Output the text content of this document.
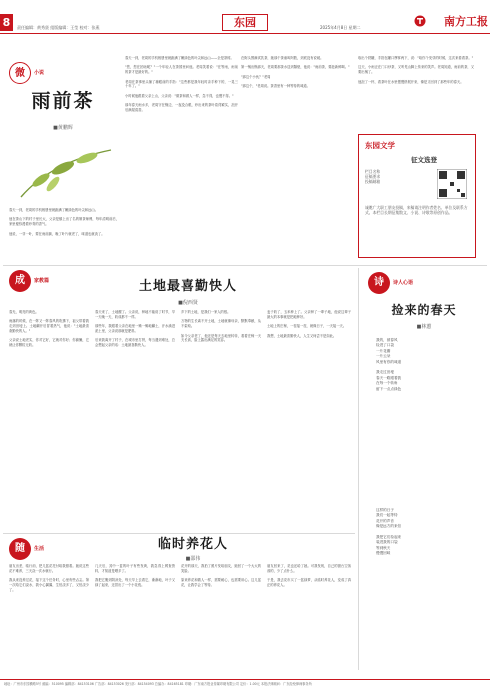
8	责任编辑：黄秀贤 组版编辑：王莹 校对：张燕	东园	2025年4月8日 星期二	南方工报
微	小说
雨前茶
■黄鹏辉
春天一到，老周的手机相册里就跑满了嫩绿色的叶尖和远山。

他在茶山下的村子里长大，父亲是镇上出了名的制茶师傅，每年清明前后，家里便弥漫着炒青的香气。

他说，一芽一叶，要在雨前摘，晚了叶片就老了，味道也就淡了。
春天一到，老周的手机相册里就跑满了嫩绿色的叶尖和远山——全是茶树。

"您，您在拍啥呢？"一个年轻人在茶园里问他。老周笑着说："在等雨，雨前的茶才是最好的。"

老周在茶事里头撞了撞眼前的手指："这些都是我年轻时亲手种下的，一晃三十年了。"

小时候他跟着父亲上山，父亲说："做茶和做人一样，急不得，也慢不得。"

那年春天雨水多，老周守在锅边，一夜没合眼，炒出来的茶叶卷得紧实，泡开后满屋清香。
在街头围满试饮茶，她那个茶童叫阿胜，到底没有说破。

第一锅出锅那天，老周要那茶水送到隔壁，他说："雨前茶，要趁新鲜喝。"

"那这个小伙？"老周

"那这个，"老周说。茶香里有一种等待的味道。
取出个铁罐，手指在罐口摩挲两下，说："给你个发芽的时候，这次来看看茶。"

这天，小雨正在门口炒茶，又听见山脚上传来的笑声。老周知道，雨前的茶，又要出锅了。

他泡了一杯，看茶叶在水里慢慢舒展开来，像是又回到了那些年的春天。
东园文学
征文选登
栏目名称
征稿要求
投稿邮箱
诚邀广大职工朋友投稿，来稿请注明作者姓名、单位及联系方式。本栏目长期征集散文、小说、诗歌等原创作品。
成	家教篇	土地最喜勤快人
■倪西贤
春光，明亮的黄色。

雨落的时候，在一阵又一阵春风的吹拂下，祖父带着我走到田埂上。土地翻开后冒着热气，他说："土地最喜欢勤快的人。"

父亲说土地老实，你对它好，它就对你好；你偷懒，它就让你颗粒无收。
春天来了，土地醒了。父亲说，种地不能误了时节，早一天晚一天，收成都不一样。

那些年，我跟着父亲在地里一锄一锄地翻土，汗水滴进泥土里，父亲说那就是肥料。

后来我离开了村子，在城市里打拼，每当遇到难处，总会想起父亲的话：土地最喜勤快人。
乡下的土地，是我们一家人的根。

万物的生长离不开土地，土地就像母亲，默默奉献，从不索取。

如今父亲老了，他还是每天去地里转转，看着庄稼一天天长高，脸上露出满足的笑容。
麦子收了，玉米种上了。父亲种了一辈子地，他说这辈子最大的本事就是把地种好。

土地上的庄稼，一茬接一茬，就像日子，一天接一天。

我想，土地最喜勤快人，人生又何尝不是如此。
诗	诗人心语
捡来的春天
■林蕙
我的，被春风
捡进了口袋
一片花瓣
一片云朵
风里有你的味道

我走过田埂
春天一路跟着我
在每一个转角
留下一点点绿色
这样的日子
我们一起等待
花开的声音
像是远方的来信

我把它们捡起来
装进我的口袋
等到秋天
慢慢回味
随	生活	临时养花人
■邵伟
朋友出差，临行前，把几盆花托付给我照看。她说这些花不难养，三天浇一次水就行。

我从来没养过花，接下这个任务时，心里有些忐忑。第一次给它们浇水，我小心翼翼，生怕浇多了，又怕浇少了。
几天后，其中一盆的叶子有些发黄，我急得上网查资料，才知道是晒多了。

我把它搬到阴凉处，每天早上去看它，渐渐地，叶子又绿了起来，还冒出了一个小花苞。
花开的那天，我拍了照片发给朋友，她回了一个大大的笑脸。

原来养花和做人一样，需要耐心，也需要用心。这几盆花，让我学会了等待。
朋友回来了，花也还给了她。可我发现，自己的窗台空荡荡的，少了点什么。

于是，我去花市买了一盆绿萝，从临时养花人，变成了真正的养花人。
地址：广州市东园横路5号 邮编：510095 编辑部：84153106 广告部：84153026 发行部：84154093 总编办：84165181 印刷：广东南方报业传媒印刷有限公司 定价：1.00元 本报法律顾问：广东经纶律师事务所
